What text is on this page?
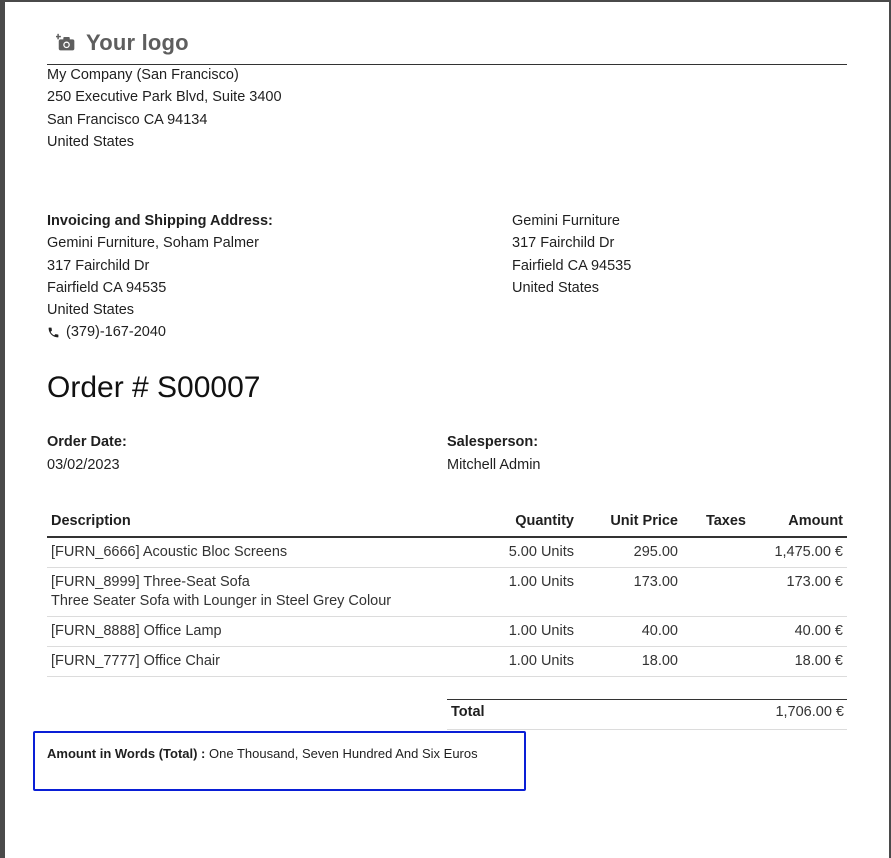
Your logo
My Company (San Francisco)
250 Executive Park Blvd, Suite 3400
San Francisco CA 94134
United States
Invoicing and Shipping Address:
Gemini Furniture, Soham Palmer
317 Fairchild Dr
Fairfield CA 94535
United States
(379)-167-2040
Gemini Furniture
317 Fairchild Dr
Fairfield CA 94535
United States
Order # S00007
Order Date:
03/02/2023
Salesperson:
Mitchell Admin
Description	Quantity	Unit Price	Taxes	Amount
[FURN_6666] Acoustic Bloc Screens	5.00 Units	295.00		1,475.00 €
[FURN_8999] Three-Seat Sofa
Three Seater Sofa with Lounger in Steel Grey Colour	1.00 Units	173.00		173.00 €
[FURN_8888] Office Lamp	1.00 Units	40.00		40.00 €
[FURN_7777] Office Chair	1.00 Units	18.00		18.00 €
Total	1,706.00 €
Amount in Words (Total) : One Thousand, Seven Hundred And Six Euros
